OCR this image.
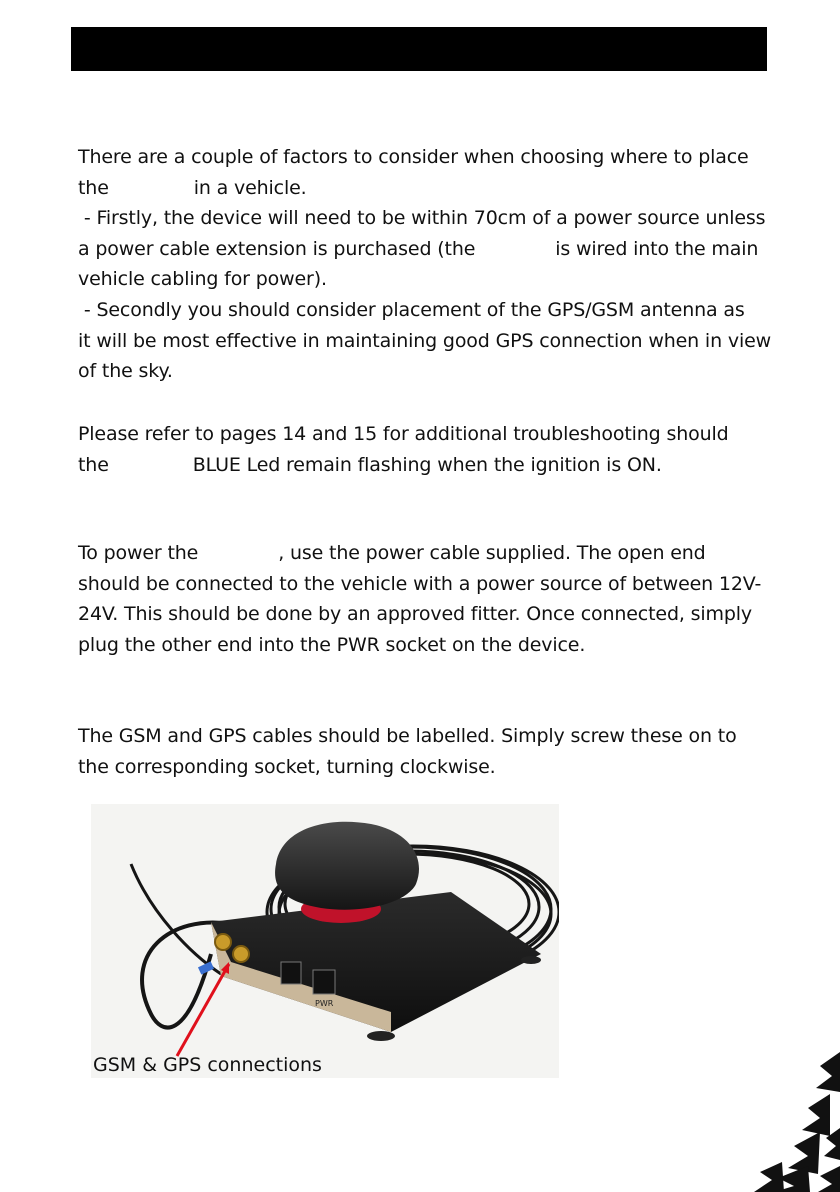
There are a couple of factors to consider when choosing where to place
the	in a vehicle.
- Firstly, the device will need to be within 70cm of a power source unless
a power cable extension is purchased (the	is wired into the main
vehicle cabling for power).
- Secondly you should consider placement of the GPS/GSM antenna as
it will be most effective in maintaining good GPS connection when in view
of the sky.

Please refer to pages 14 and 15 for additional troubleshooting should
the	BLUE Led remain flashing when the ignition is ON.

To power the	, use the power cable supplied. The open end
should be connected to the vehicle with a power source of between 12V-
24V. This should be done by an approved fitter. Once connected, simply
plug the other end into the PWR socket on the device.

The GSM and GPS cables should be labelled. Simply screw these on to
the corresponding socket, turning clockwise.

PWR
GSM & GPS connections
